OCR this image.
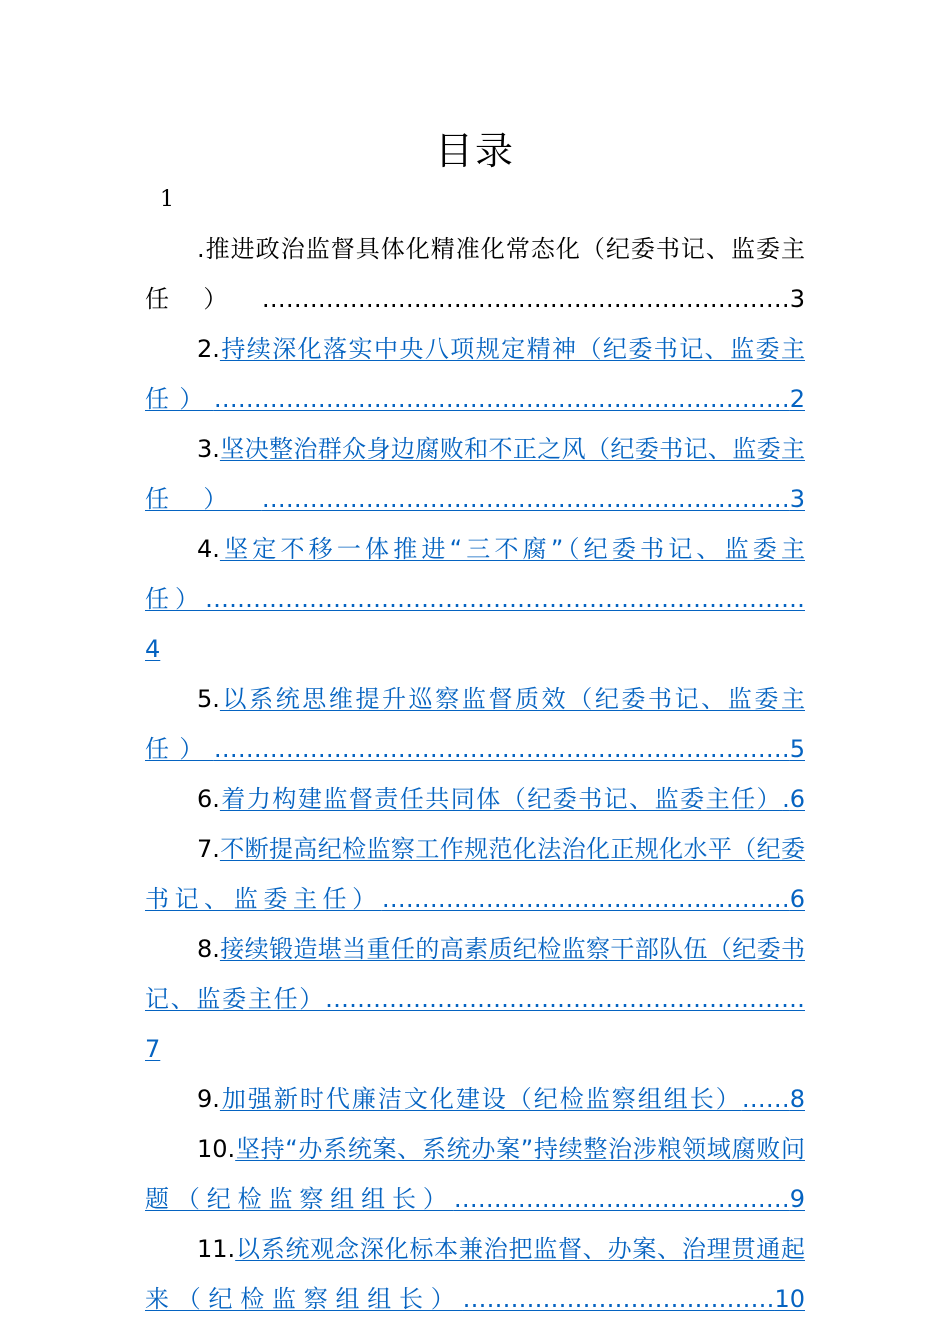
目录
1

.推进政治监督具体化精准化常态化（纪委书记、监委主任）…………………………………………………………3

2.持续深化落实中央八项规定精神（纪委书记、监委主任）………………………………………………………………2

3.坚决整治群众身边腐败和不正之风（纪委书记、监委主任）…………………………………………………………3

4.坚定不移一体推进“三不腐”（纪委书记、监委主任）…………………………………………………………………4

5.以系统思维提升巡察监督质效（纪委书记、监委主任）………………………………………………………………5

6.着力构建监督责任共同体（纪委书记、监委主任）.6

7.不断提高纪检监察工作规范化法治化正规化水平（纪委书记、监委主任）……………………………………………6

8.接续锻造堪当重任的高素质纪检监察干部队伍（纪委书记、监委主任）……………………………………………………7

9.加强新时代廉洁文化建设（纪检监察组组长）……8

10.坚持“办系统案、系统办案”持续整治涉粮领域腐败问题（纪检监察组组长）……………………………………9

11.以系统观念深化标本兼治把监督、办案、治理贯通起来（纪检监察组组长）…………………………………10
